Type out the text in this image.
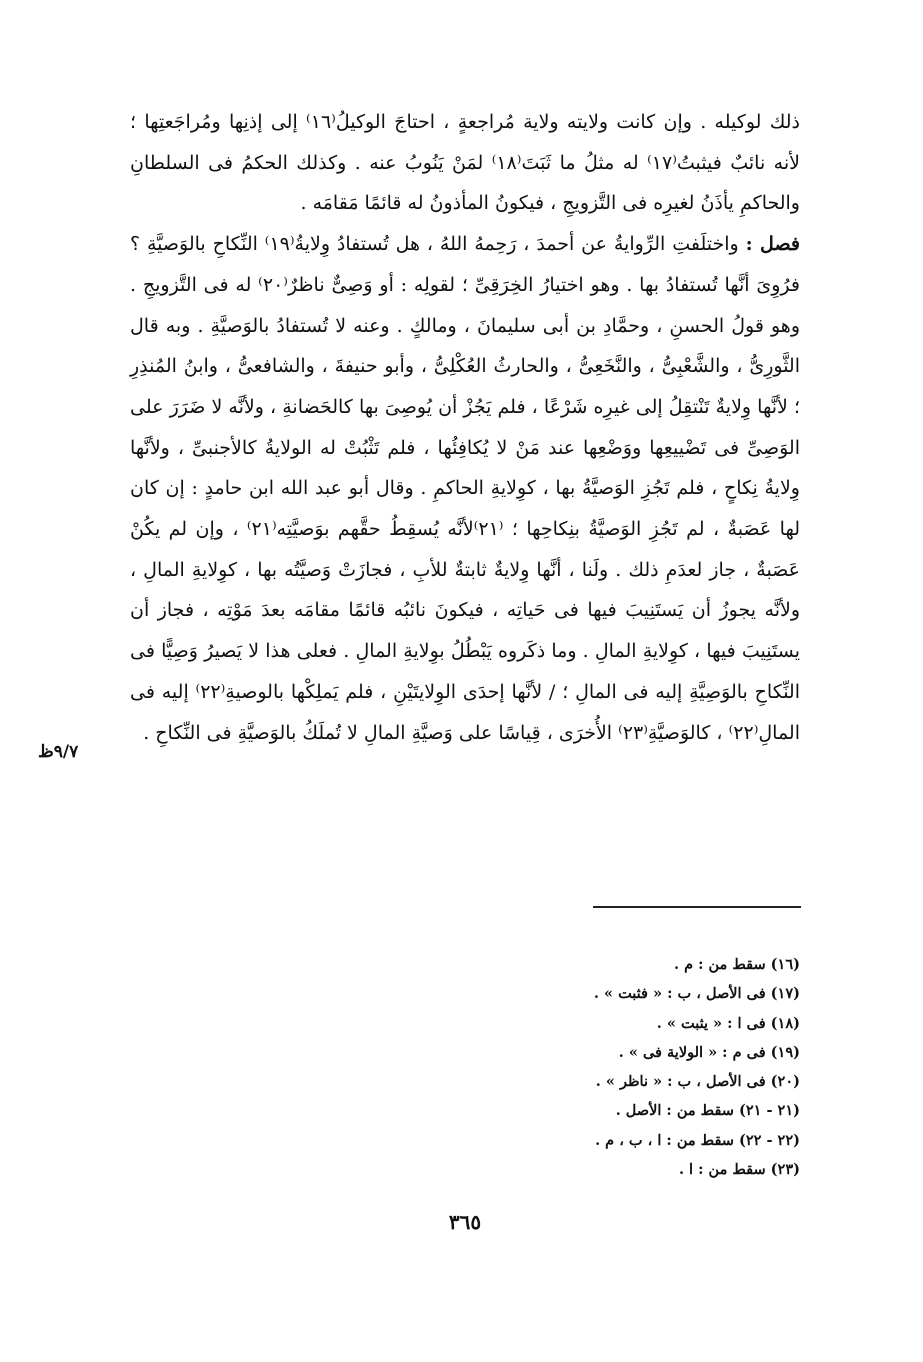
ذلك لوكيله . وإن كانت ولايته ولاية مُراجعةٍ ، احتاجَ الوكيلُ⁽١٦⁾ إلى إذنِها ومُراجَعتِها ؛ لأنه نائبٌ فيثبتُ⁽١٧⁾ له مثلُ ما ثَبَتَ⁽١٨⁾ لمَنْ يَنُوبُ عنه . وكذلك الحكمُ فى السلطانِ والحاكمِ يأذَنُ لغيرِه فى التَّزويجِ ، فيكونُ المأذونُ له قائمًا مَقامَه .

فصل : واختلَفتِ الرِّوايةُ عن أحمدَ ، رَحِمهُ اللهُ ، هل تُستفادُ وِلايةُ⁽١٩⁾ النِّكاحِ بالوَصيَّةِ ؟ فرُوِىَ أنَّها تُستفادُ بها . وهو اختيارُ الخِرَقِىِّ ؛ لقولِه : أو وَصِىٌّ ناظرٌ⁽٢٠⁾ له فى التَّزويجِ . وهو قولُ الحسنِ ، وحمَّادِ بن أبى سليمانَ ، ومالكٍ . وعنه لا تُستفادُ بالوَصيَّةِ . وبه قال الثَّورِىُّ ، والشَّعْبِىُّ ، والنَّخَعِىُّ ، والحارثُ العُكْلِىُّ ، وأبو حنيفةَ ، والشافعىُّ ، وابنُ المُنذِرِ ؛ لأنَّها وِلايةٌ تَنْتقِلُ إلى غيرِه شَرْعًا ، فلم يَجُزْ أن يُوصِىَ بها كالحَضانةِ ، ولأنَّه لا ضَرَرَ على الوَصِىِّ فى تَضْييعِها ووَضْعِها عند مَنْ لا يُكافِئُها ، فلم تَثْبُتْ له الولايةُ كالأجنبىِّ ، ولأنَّها وِلايةُ نِكاحٍ ، فلم تَجُزِ الوَصيَّةُ بها ، كوِلايةِ الحاكمِ . وقال أبو عبد الله ابن حامدٍ : إن كان لها عَصَبةٌ ، لم تَجُزِ الوَصيَّةُ بنِكاحِها ؛ ⁽٢١⁾لأنَّه يُسقِطُ حقَّهم بوَصيَّتِه⁽٢١⁾ ، وإن لم يكُنْ عَصَبةٌ ، جاز لعدَمِ ذلك . ولَنا ، أنَّها وِلايةٌ ثابتةٌ للأبِ ، فجازَتْ وَصيَّتُه بها ، كوِلايةِ المالِ ، ولأنَّه يجوزُ أن يَستَنِيبَ فيها فى حَياتِه ، فيكونَ نائبُه قائمًا مقامَه بعدَ مَوْتِه ، فجاز أن يستَنِيبَ فيها ، كوِلايةِ المالِ . وما ذكَروه يَبْطُلُ بوِلايةِ المالِ . فعلى هذا لا يَصيرُ وَصِيًّا فى النِّكاحِ بالوَصِيَّةِ إليه فى المالِ ؛ / لأنَّها إحدَى الوِلايتَيْنِ ، فلم يَملِكْها بالوصيةِ⁽٢٢⁾ إليه فى المالِ⁽٢٢⁾ ، كالوَصيَّةِ⁽٢٣⁾ الأُخرَى ، قِياسًا على وَصيَّةِ المالِ لا تُملَكُ بالوَصيَّةِ فى النِّكاحِ .

٩/٧ظ
(١٦) سقط من : م .
(١٧) فى الأصل ، ب : « فثبت » .
(١٨) فى ا : « يثبت » .
(١٩) فى م : « الولاية فى » .
(٢٠) فى الأصل ، ب : « ناظر » .
(٢١ - ٢١) سقط من : الأصل .
(٢٢ - ٢٢) سقط من : ا ، ب ، م .
(٢٣) سقط من : ا .
٣٦٥
